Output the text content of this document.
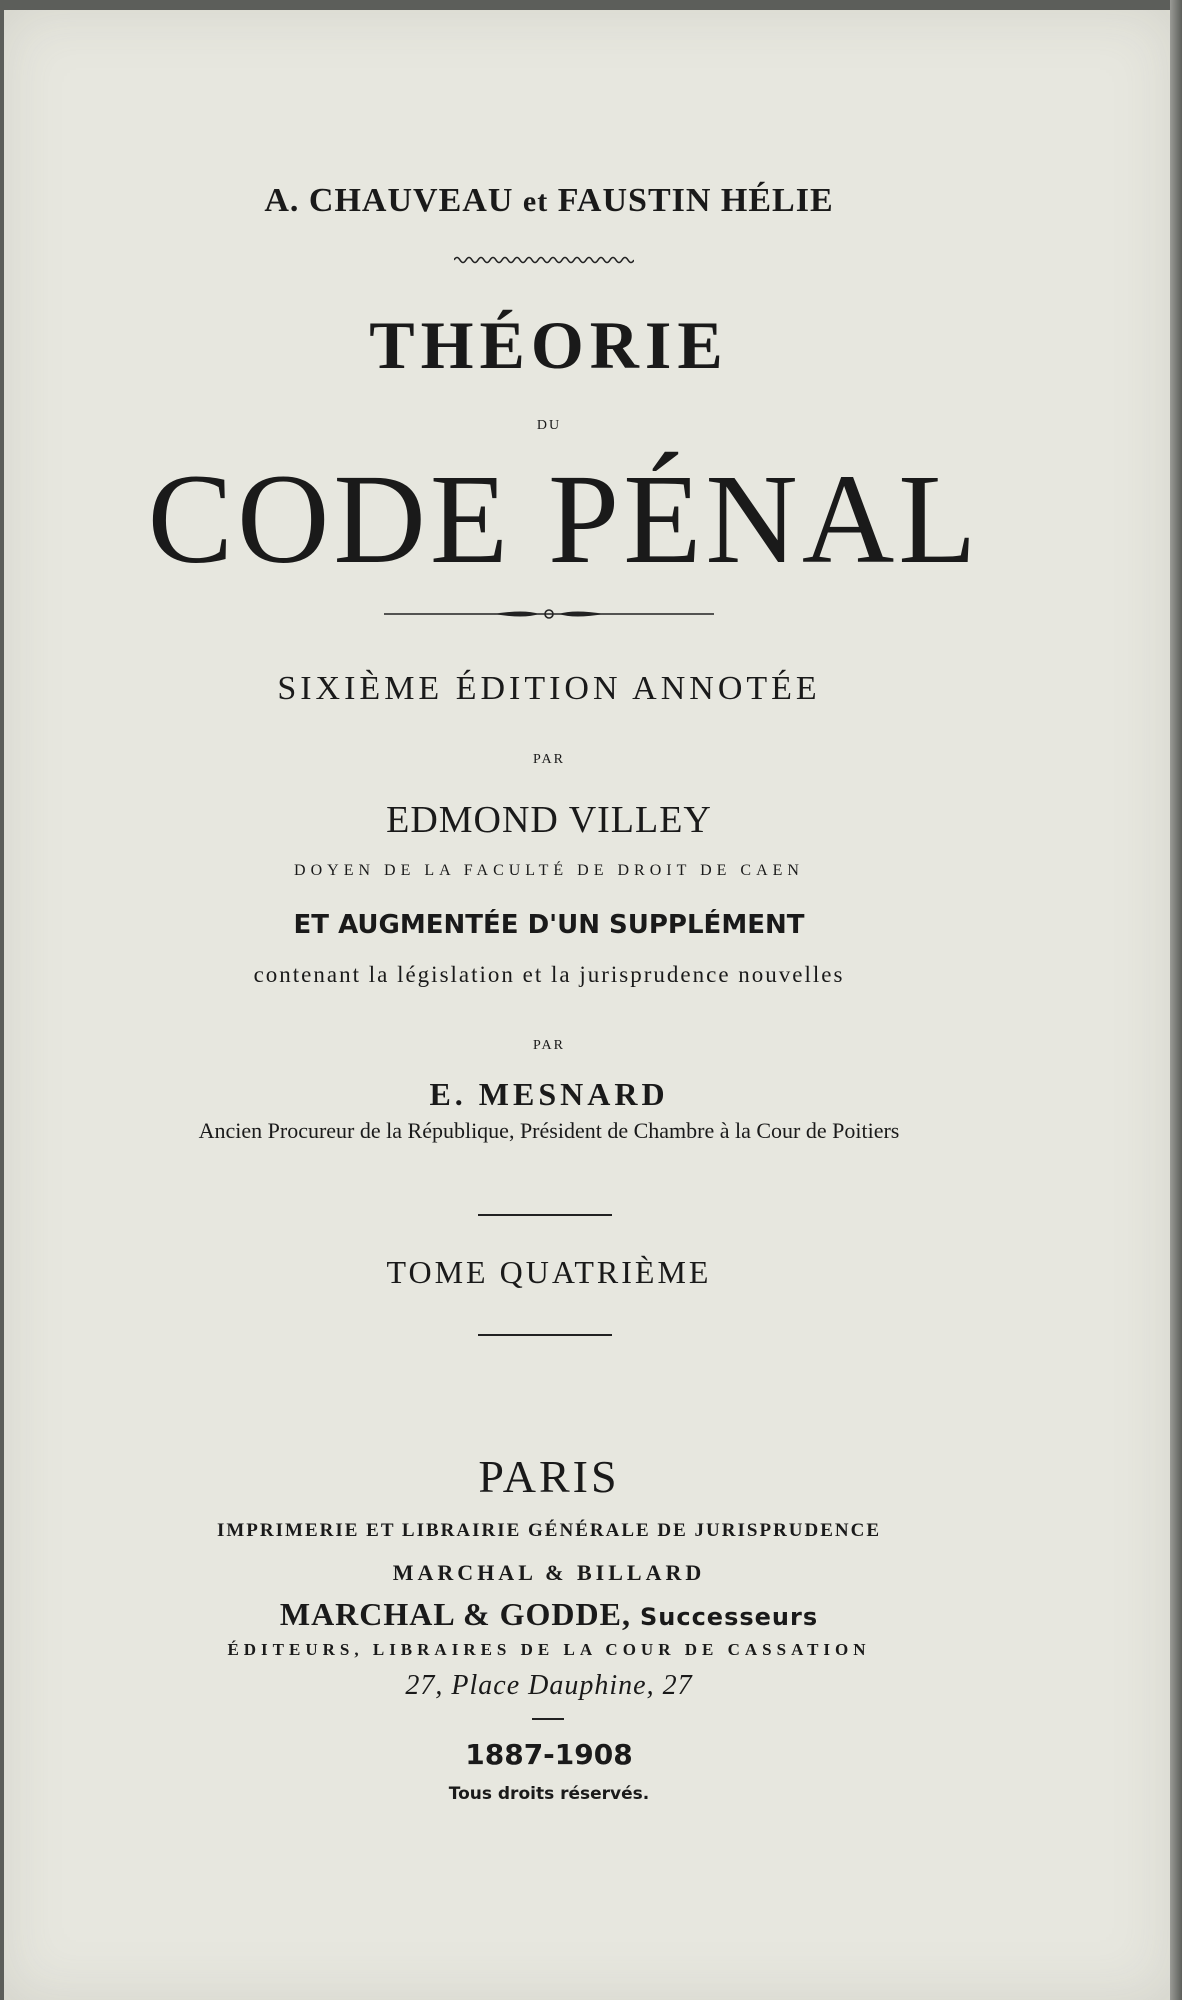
A. CHAUVEAU et FAUSTIN HÉLIE
THÉORIE
DU
CODE PÉNAL
SIXIÈME ÉDITION ANNOTÉE
PAR
EDMOND VILLEY
DOYEN DE LA FACULTÉ DE DROIT DE CAEN
ET AUGMENTÉE D'UN SUPPLÉMENT
contenant la législation et la jurisprudence nouvelles
PAR
E. MESNARD
Ancien Procureur de la République, Président de Chambre à la Cour de Poitiers
TOME QUATRIÈME
PARIS
IMPRIMERIE ET LIBRAIRIE GÉNÉRALE DE JURISPRUDENCE
MARCHAL & BILLARD
MARCHAL & GODDE, Successeurs
ÉDITEURS, LIBRAIRES DE LA COUR DE CASSATION
27, Place Dauphine, 27
1887-1908
Tous droits réservés.
